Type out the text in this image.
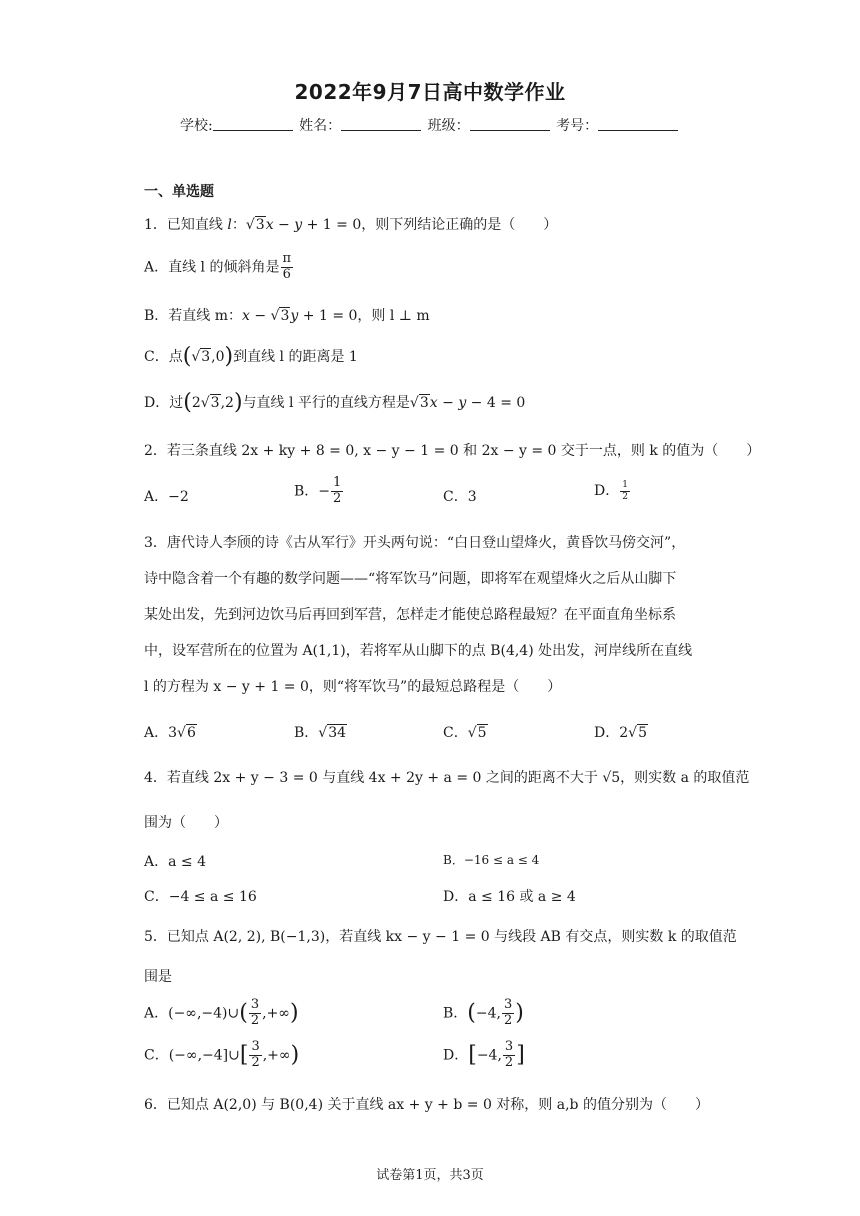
2022年9月7日高中数学作业
学校:	姓名：	班级：	考号：
一、单选题
1．已知直线 l：√3x − y + 1 = 0，则下列结论正确的是（　　）
A．直线 l 的倾斜角是 $\frac{\pi}{6}$
B．若直线 m：x − √3y + 1 = 0，则 l ⊥ m
C．点(√3,0)到直线 l 的距离是 1
D．过(2√3,2)与直线 l 平行的直线方程是√3x − y − 4 = 0
2．若三条直线 2x + ky + 8 = 0, x − y − 1 = 0 和 2x − y = 0 交于一点，则 k 的值为（　　）
A．−2	B．− $\frac{1}{2}$	C．3	D． $\frac{1}{2}$
3．唐代诗人李颀的诗《古从军行》开头两句说：“白日登山望烽火，黄昏饮马傍交河”，
诗中隐含着一个有趣的数学问题——“将军饮马”问题，即将军在观望烽火之后从山脚下
某处出发，先到河边饮马后再回到军营，怎样走才能使总路程最短？在平面直角坐标系
中，设军营所在的位置为 A(1,1)，若将军从山脚下的点 B(4,4) 处出发，河岸线所在直线
l 的方程为 x − y + 1 = 0，则“将军饮马”的最短总路程是（　　）
A．3√6	B．√34	C．√5	D．2√5
4．若直线 2x + y − 3 = 0 与直线 4x + 2y + a = 0 之间的距离不大于 √5，则实数 a 的取值范
围为（　　）
A．a ≤ 4	B．−16 ≤ a ≤ 4
C．−4 ≤ a ≤ 16	D．a ≤ 16 或 a ≥ 4
5．已知点 A(2, 2), B(−1,3)，若直线 kx − y − 1 = 0 与线段 AB 有交点，则实数 k 的取值范
围是
A．(−∞,−4)∪( $\frac{3}{2}$ ,+∞)	B．(−4, $\frac{3}{2}$ )
C．(−∞,−4]∪[ $\frac{3}{2}$ ,+∞)	D．[−4, $\frac{3}{2}$ ]
6．已知点 A(2,0) 与 B(0,4) 关于直线 ax + y + b = 0 对称，则 a,b 的值分别为（　　）
试卷第1页，共3页
